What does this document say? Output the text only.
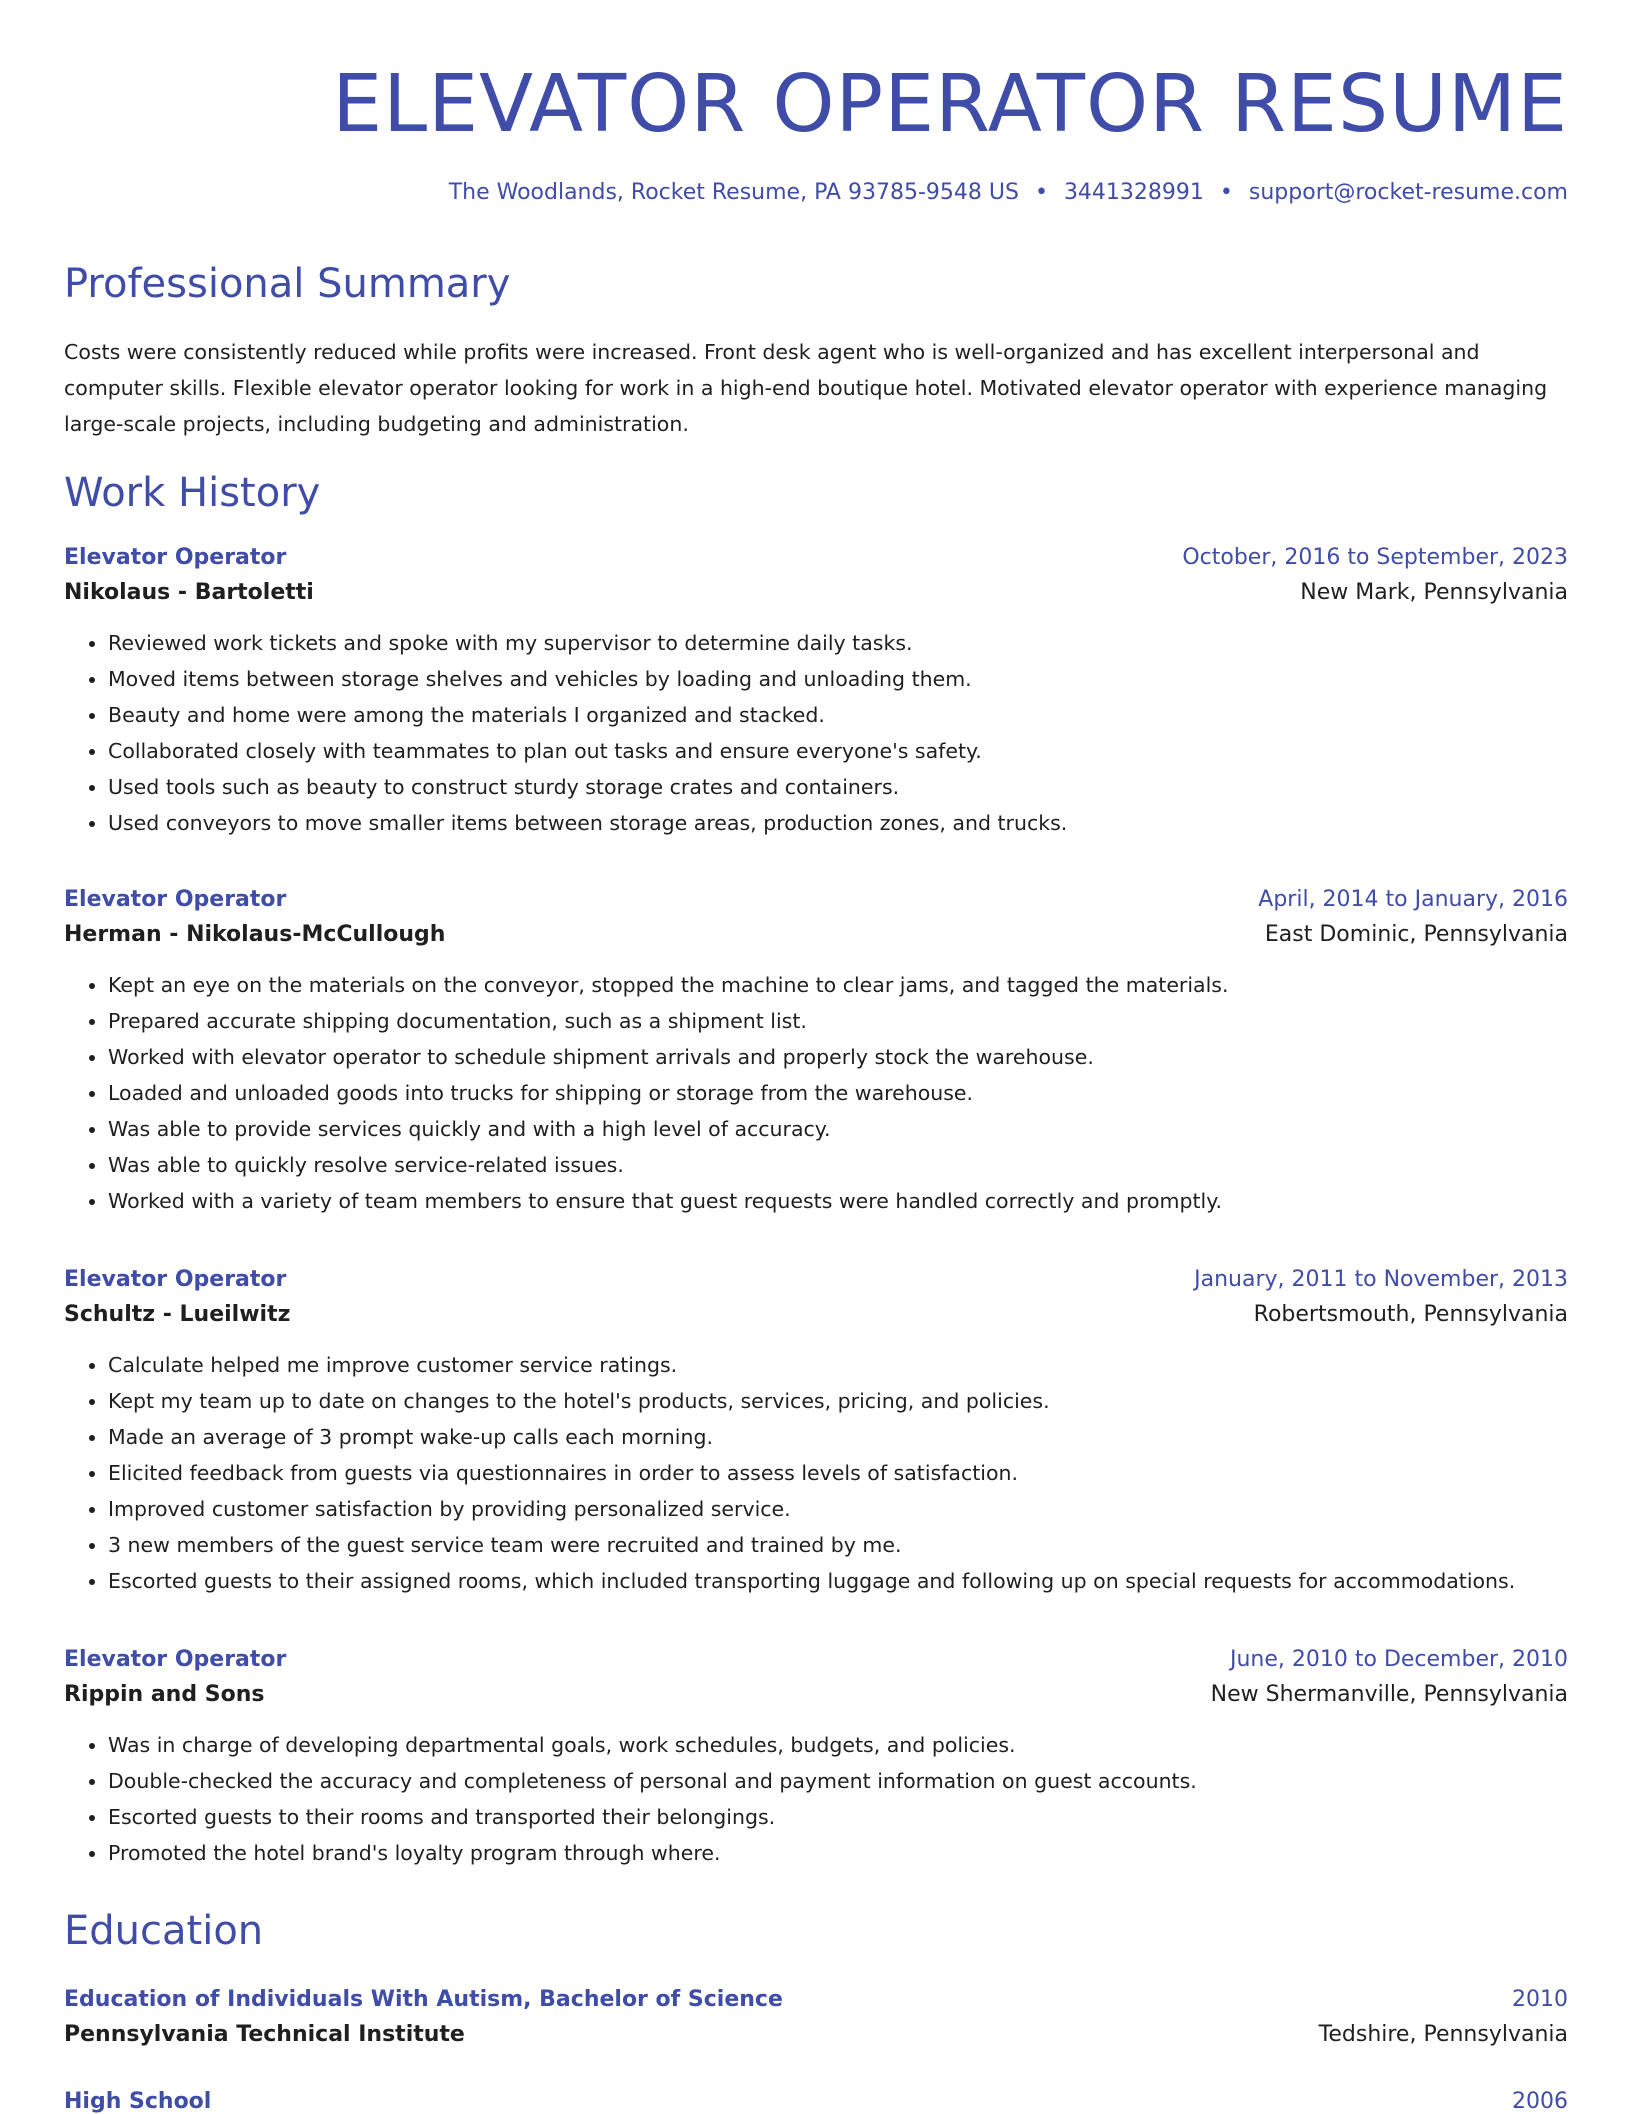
ELEVATOR OPERATOR RESUME
The Woodlands, Rocket Resume, PA 93785-9548 US • 3441328991 • support@rocket-resume.com
Professional Summary

Costs were consistently reduced while profits were increased. Front desk agent who is well-organized and has excellent interpersonal and computer skills. Flexible elevator operator looking for work in a high-end boutique hotel. Motivated elevator operator with experience managing large-scale projects, including budgeting and administration.

Work History
Elevator Operator	October, 2016 to September, 2023
Nikolaus - Bartoletti	New Mark, Pennsylvania
• Reviewed work tickets and spoke with my supervisor to determine daily tasks.
• Moved items between storage shelves and vehicles by loading and unloading them.
• Beauty and home were among the materials I organized and stacked.
• Collaborated closely with teammates to plan out tasks and ensure everyone's safety.
• Used tools such as beauty to construct sturdy storage crates and containers.
• Used conveyors to move smaller items between storage areas, production zones, and trucks.
Elevator Operator	April, 2014 to January, 2016
Herman - Nikolaus-McCullough	East Dominic, Pennsylvania
• Kept an eye on the materials on the conveyor, stopped the machine to clear jams, and tagged the materials.
• Prepared accurate shipping documentation, such as a shipment list.
• Worked with elevator operator to schedule shipment arrivals and properly stock the warehouse.
• Loaded and unloaded goods into trucks for shipping or storage from the warehouse.
• Was able to provide services quickly and with a high level of accuracy.
• Was able to quickly resolve service-related issues.
• Worked with a variety of team members to ensure that guest requests were handled correctly and promptly.
Elevator Operator	January, 2011 to November, 2013
Schultz - Lueilwitz	Robertsmouth, Pennsylvania
• Calculate helped me improve customer service ratings.
• Kept my team up to date on changes to the hotel's products, services, pricing, and policies.
• Made an average of 3 prompt wake-up calls each morning.
• Elicited feedback from guests via questionnaires in order to assess levels of satisfaction.
• Improved customer satisfaction by providing personalized service.
• 3 new members of the guest service team were recruited and trained by me.
• Escorted guests to their assigned rooms, which included transporting luggage and following up on special requests for accommodations.
Elevator Operator	June, 2010 to December, 2010
Rippin and Sons	New Shermanville, Pennsylvania
• Was in charge of developing departmental goals, work schedules, budgets, and policies.
• Double-checked the accuracy and completeness of personal and payment information on guest accounts.
• Escorted guests to their rooms and transported their belongings.
• Promoted the hotel brand's loyalty program through where.
Education
Education of Individuals With Autism, Bachelor of Science	2010
Pennsylvania Technical Institute	Tedshire, Pennsylvania
High School	2006
